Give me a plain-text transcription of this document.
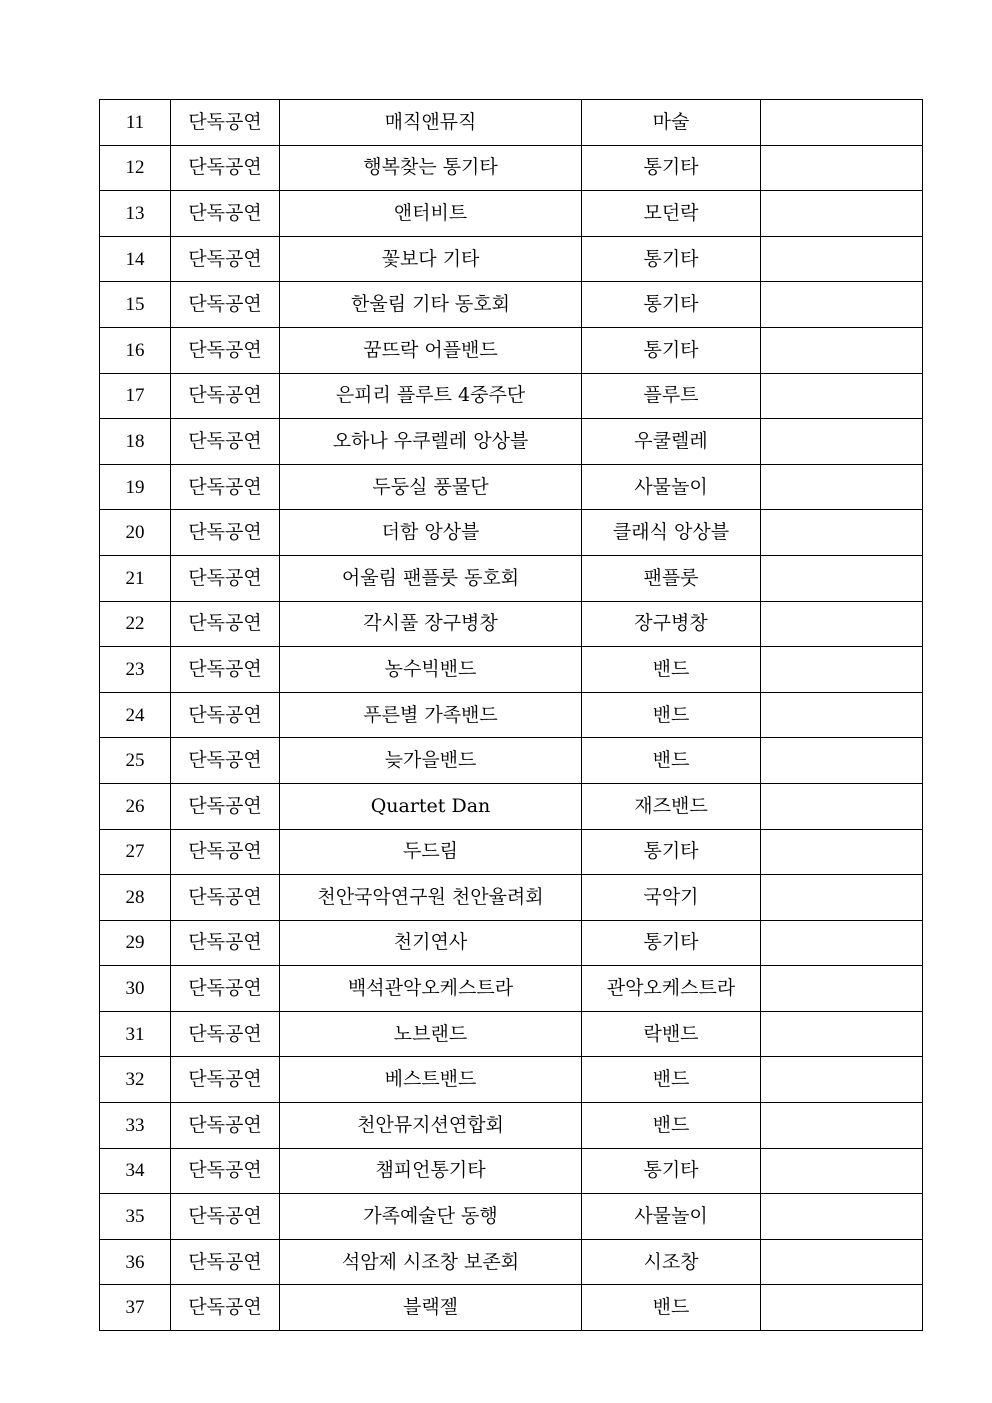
11	단독공연	매직앤뮤직	마술	
12	단독공연	행복찾는 통기타	통기타	
13	단독공연	앤터비트	모던락	
14	단독공연	꽃보다 기타	통기타	
15	단독공연	한울림 기타 동호회	통기타	
16	단독공연	꿈뜨락 어플밴드	통기타	
17	단독공연	은피리 플루트 4중주단	플루트	
18	단독공연	오하나 우쿠렐레 앙상블	우쿨렐레	
19	단독공연	두둥실 풍물단	사물놀이	
20	단독공연	더함 앙상블	클래식 앙상블	
21	단독공연	어울림 팬플룻 동호회	팬플룻	
22	단독공연	각시풀 장구병창	장구병창	
23	단독공연	농수빅밴드	밴드	
24	단독공연	푸른별 가족밴드	밴드	
25	단독공연	늦가을밴드	밴드	
26	단독공연	Quartet Dan	재즈밴드	
27	단독공연	두드림	통기타	
28	단독공연	천안국악연구원 천안율려회	국악기	
29	단독공연	천기연사	통기타	
30	단독공연	백석관악오케스트라	관악오케스트라	
31	단독공연	노브랜드	락밴드	
32	단독공연	베스트밴드	밴드	
33	단독공연	천안뮤지션연합회	밴드	
34	단독공연	챔피언통기타	통기타	
35	단독공연	가족예술단 동행	사물놀이	
36	단독공연	석암제 시조창 보존회	시조창	
37	단독공연	블랙젤	밴드	
